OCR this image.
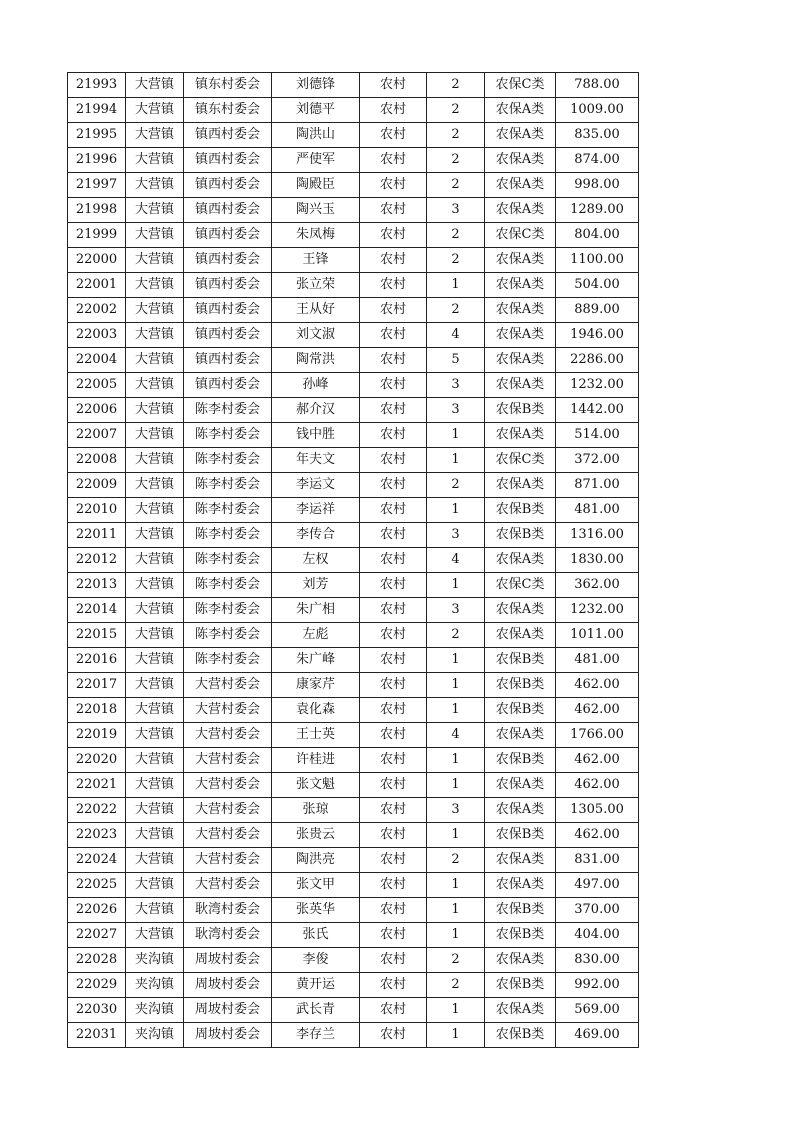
21993	大营镇	镇东村委会	刘德锋	农村	2	农保C类	788.00
21994	大营镇	镇东村委会	刘德平	农村	2	农保A类	1009.00
21995	大营镇	镇西村委会	陶洪山	农村	2	农保A类	835.00
21996	大营镇	镇西村委会	严使军	农村	2	农保A类	874.00
21997	大营镇	镇西村委会	陶殿臣	农村	2	农保A类	998.00
21998	大营镇	镇西村委会	陶兴玉	农村	3	农保A类	1289.00
21999	大营镇	镇西村委会	朱凤梅	农村	2	农保C类	804.00
22000	大营镇	镇西村委会	王锋	农村	2	农保A类	1100.00
22001	大营镇	镇西村委会	张立荣	农村	1	农保A类	504.00
22002	大营镇	镇西村委会	王从好	农村	2	农保A类	889.00
22003	大营镇	镇西村委会	刘文淑	农村	4	农保A类	1946.00
22004	大营镇	镇西村委会	陶常洪	农村	5	农保A类	2286.00
22005	大营镇	镇西村委会	孙峰	农村	3	农保A类	1232.00
22006	大营镇	陈李村委会	郝介汉	农村	3	农保B类	1442.00
22007	大营镇	陈李村委会	钱中胜	农村	1	农保A类	514.00
22008	大营镇	陈李村委会	年夫文	农村	1	农保C类	372.00
22009	大营镇	陈李村委会	李运文	农村	2	农保A类	871.00
22010	大营镇	陈李村委会	李运祥	农村	1	农保B类	481.00
22011	大营镇	陈李村委会	李传合	农村	3	农保B类	1316.00
22012	大营镇	陈李村委会	左权	农村	4	农保A类	1830.00
22013	大营镇	陈李村委会	刘芳	农村	1	农保C类	362.00
22014	大营镇	陈李村委会	朱广相	农村	3	农保A类	1232.00
22015	大营镇	陈李村委会	左彪	农村	2	农保A类	1011.00
22016	大营镇	陈李村委会	朱广峰	农村	1	农保B类	481.00
22017	大营镇	大营村委会	康家芹	农村	1	农保B类	462.00
22018	大营镇	大营村委会	袁化森	农村	1	农保B类	462.00
22019	大营镇	大营村委会	王士英	农村	4	农保A类	1766.00
22020	大营镇	大营村委会	许桂进	农村	1	农保B类	462.00
22021	大营镇	大营村委会	张文魁	农村	1	农保A类	462.00
22022	大营镇	大营村委会	张琼	农村	3	农保A类	1305.00
22023	大营镇	大营村委会	张贵云	农村	1	农保B类	462.00
22024	大营镇	大营村委会	陶洪亮	农村	2	农保A类	831.00
22025	大营镇	大营村委会	张文甲	农村	1	农保A类	497.00
22026	大营镇	耿湾村委会	张英华	农村	1	农保B类	370.00
22027	大营镇	耿湾村委会	张氏	农村	1	农保B类	404.00
22028	夹沟镇	周坡村委会	李俊	农村	2	农保A类	830.00
22029	夹沟镇	周坡村委会	黄开运	农村	2	农保B类	992.00
22030	夹沟镇	周坡村委会	武长青	农村	1	农保A类	569.00
22031	夹沟镇	周坡村委会	李存兰	农村	1	农保B类	469.00
